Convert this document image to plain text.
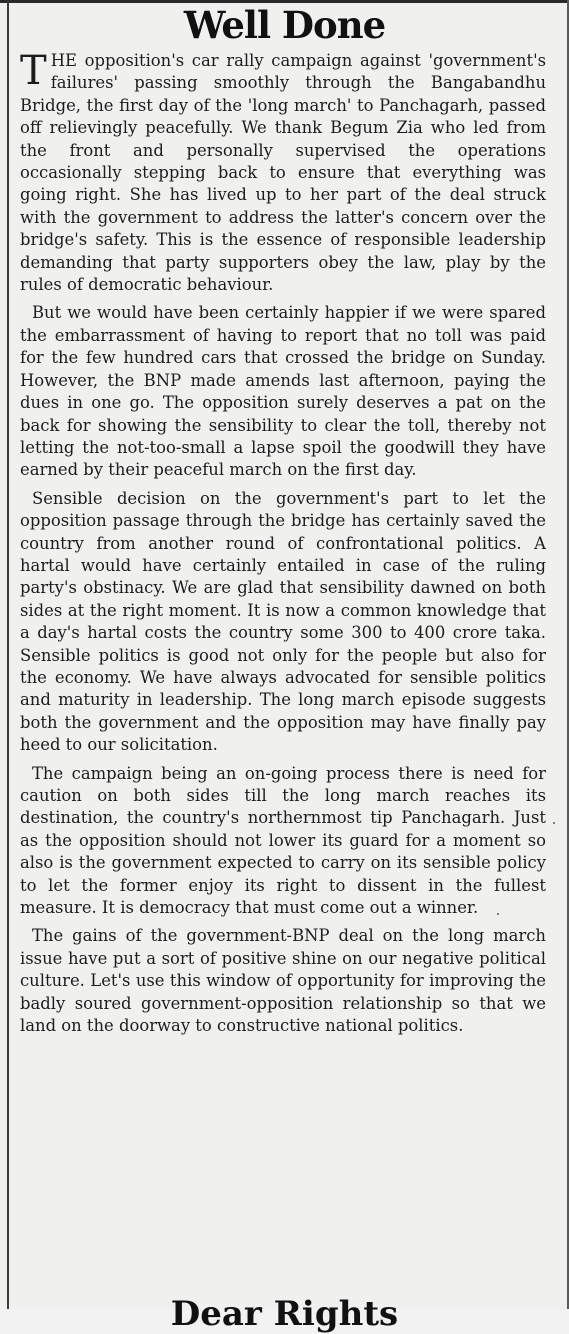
Well Done

THE opposition's car rally campaign against 'government's failures' passing smoothly through the Bangabandhu Bridge, the first day of the 'long march' to Panchagarh, passed off relievingly peacefully. We thank Begum Zia who led from the front and personally supervised the operations occasionally stepping back to ensure that everything was going right. She has lived up to her part of the deal struck with the government to address the latter's concern over the bridge's safety. This is the essence of responsible leadership demanding that party supporters obey the law, play by the rules of democratic behaviour.

But we would have been certainly happier if we were spared the embarrassment of having to report that no toll was paid for the few hundred cars that crossed the bridge on Sunday. However, the BNP made amends last afternoon, paying the dues in one go. The opposition surely deserves a pat on the back for showing the sensibility to clear the toll, thereby not letting the not-too-small a lapse spoil the goodwill they have earned by their peaceful march on the first day.

Sensible decision on the government's part to let the opposition passage through the bridge has certainly saved the country from another round of confrontational politics. A hartal would have certainly entailed in case of the ruling party's obstinacy. We are glad that sensibility dawned on both sides at the right moment. It is now a common knowledge that a day's hartal costs the country some 300 to 400 crore taka. Sensible politics is good not only for the people but also for the economy. We have always advocated for sensible politics and maturity in leadership. The long march episode suggests both the government and the opposition may have finally pay heed to our solicitation.

The campaign being an on-going process there is need for caution on both sides till the long march reaches its destination, the country's northernmost tip Panchagarh. Just as the opposition should not lower its guard for a moment so also is the government expected to carry on its sensible policy to let the former enjoy its right to dissent in the fullest measure. It is democracy that must come out a winner.

The gains of the government-BNP deal on the long march issue have put a sort of positive shine on our negative political culture. Let's use this window of opportunity for improving the badly soured government-opposition relationship so that we land on the doorway to constructive national politics.

Dear Rights
